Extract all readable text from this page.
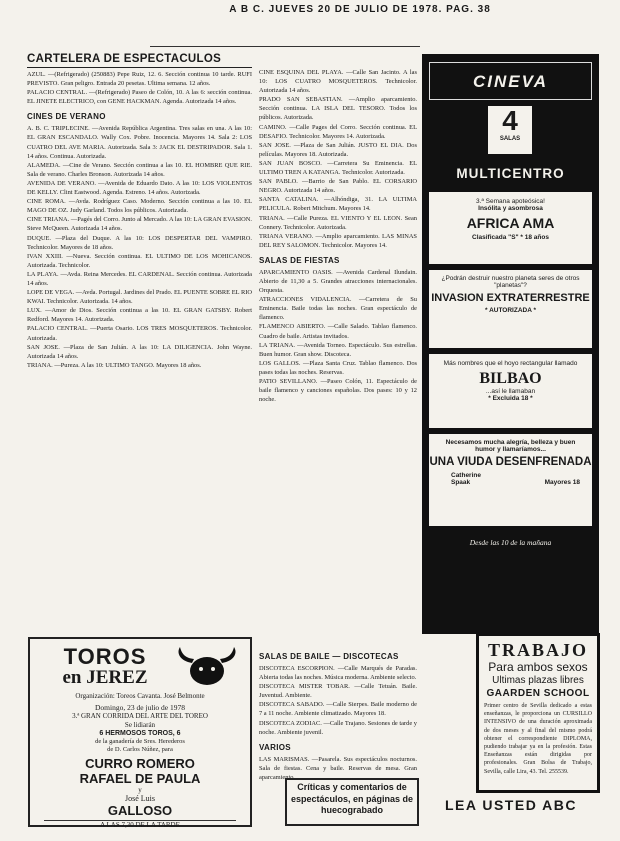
A B C. JUEVES 20 DE JULIO DE 1978. PAG. 38
CARTELERA DE ESPECTACULOS

AZUL. —(Refrigerado) (250883) Pepe Ruiz, 12. 6. Sección continua 10 tarde. RUFI PREVISTO. Gran peligro. Entrada 20 pesetas. Ultima semana. 12 años.

PALACIO CENTRAL. —(Refrigerado) Paseo de Colón, 10. A las 6: sección continua. EL JINETE ELECTRICO, con GENE HACKMAN. Agenda. Autorizada 14 años.

CINES DE VERANO

A. B. C. TRIPLECINE. —Avenida República Argentina. Tres salas en una. A las 10: EL GRAN ESCANDALO. Wally Cox. Pobre. Inocencia. Mayores 14. Sala 2: LOS CUATRO DEL AVE MARIA. Autorizada. Sala 3: JACK EL DESTRIPADOR. Sala 1. 14 años. Continua. Autorizada.

ALAMEDA. —Cine de Verano. Sección continua a las 10. EL HOMBRE QUE RIE. Sala de verano. Charles Bronson. Autorizada 14 años.

AVENIDA DE VERANO. —Avenida de Eduardo Dato. A las 10: LOS VIOLENTOS DE KELLY. Clint Eastwood. Agenda. Estreno. 14 años. Autorizada.

CINE ROMA. —Avda. Rodríguez Caso. Moderno. Sección continua a las 10. EL MAGO DE OZ. Judy Garland. Todos los públicos. Autorizada.

CINE TRIANA. —Pagés del Corro. Junto al Mercado. A las 10: LA GRAN EVASION. Steve McQueen. Autorizada 14 años.

DUQUE. —Plaza del Duque. A las 10: LOS DESPERTAR DEL VAMPIRO. Technicolor. Mayores de 18 años.

IVAN XXIII. —Nueva. Sección continua. EL ULTIMO DE LOS MOHICANOS. Autorizada. Technicolor.

LA PLAYA. —Avda. Reina Mercedes. EL CARDENAL. Sección continua. Autorizada 14 años.

LOPE DE VEGA. —Avda. Portugal. Jardines del Prado. EL PUENTE SOBRE EL RIO KWAI. Technicolor. Autorizada. 14 años.

LUX. —Amor de Dios. Sección continua a las 10. EL GRAN GATSBY. Robert Redford. Mayores 14. Autorizada.

PALACIO CENTRAL. —Puerta Osario. LOS TRES MOSQUETEROS. Technicolor. Autorizada.

SAN JOSE. —Plaza de San Julián. A las 10: LA DILIGENCIA. John Wayne. Autorizada 14 años.

TRIANA. —Pureza. A las 10: ULTIMO TANGO. Mayores 18 años.

CINE ESQUINA DEL PLAYA. —Calle San Jacinto. A las 10: LOS CUATRO MOSQUETEROS. Technicolor. Autorizada 14 años.

PRADO SAN SEBASTIAN. —Amplio aparcamiento. Sección continua. LA ISLA DEL TESORO. Todos los públicos. Autorizada.

CAMINO. —Calle Pages del Corro. Sección continua. EL DESAFIO. Technicolor. Mayores 14. Autorizada.

SAN JOSE. —Plaza de San Julián. JUSTO EL DIA. Dos películas. Mayores 18. Autorizada.

SAN JUAN BOSCO. —Carretera Su Eminencia. EL ULTIMO TREN A KATANGA. Technicolor. Autorizada.

SAN PABLO. —Barrio de San Pablo. EL CORSARIO NEGRO. Autorizada 14 años.

SANTA CATALINA. —Alhóndiga, 31. LA ULTIMA PELICULA. Robert Mitchum. Mayores 14.

TRIANA. —Calle Pureza. EL VIENTO Y EL LEON. Sean Connery. Technicolor. Autorizada.

TRIANA VERANO. —Amplio aparcamiento. LAS MINAS DEL REY SALOMON. Technicolor. Mayores 14.

SALAS DE FIESTAS

APARCAMIENTO OASIS. —Avenida Cardenal Ilundain. Abierto de 11,30 a 5. Grandes atracciones internacionales. Orquesta.

ATRACCIONES VIDALENCIA. —Carretera de Su Eminencia. Baile todas las noches. Gran espectáculo de flamenco.

FLAMENCO ABIERTO. —Calle Salado. Tablao flamenco. Cuadro de baile. Artistas invitados.

LA TRIANA. —Avenida Torneo. Espectáculo. Sus estrellas. Buen humor. Gran show. Discoteca.

LOS GALLOS. —Plaza Santa Cruz. Tablao flamenco. Dos pases todas las noches. Reservas.

PATIO SEVILLANO. —Paseo Colón, 11. Espectáculo de baile flamenco y canciones españolas. Dos pases: 10 y 12 noche.

SALAS DE BAILE — DISCOTECAS

DISCOTECA ESCORPION. —Calle Marqués de Paradas. Abierta todas las noches. Música moderna. Ambiente selecto.

DISCOTECA MISTER TOBAR. —Calle Tetuán. Baile. Juventud. Ambiente.

DISCOTECA SABADO. —Calle Sierpes. Baile moderno de 7 a 11 noche. Ambiente climatizado. Mayores 18.

DISCOTECA ZODIAC. —Calle Trajano. Sesiones de tarde y noche. Ambiente juvenil.

VARIOS

LAS MARISMAS. —Pasarela. Sus espectáculos nocturnos. Sala de fiestas. Cena y baile. Reservas de mesa. Gran aparcamiento.

CINEVA
4
SALAS
MULTICENTRO
3.ª Semana apoteósica!
Insólita y asombrosa
AFRICA AMA
Clasificada "S" * 18 años
¿Podrán destruir nuestro planeta seres de otros "planetas"?
INVASION EXTRATERRESTRE
* AUTORIZADA *
Más nombres que el hoyo rectangular llamado
BILBAO
...así le llamaban
* Excluida 18 *
Necesamos mucha alegría, belleza y buen humor y llamaríamos...
UNA VIUDA DESENFRENADA
Catherine
Spaak	Mayores 18
Desde las 10 de la mañana
TOROS
en JEREZ
Organización: Toreos Cavanta. José Belmonte
Domingo, 23 de julio de 1978
3.ª GRAN CORRIDA DEL ARTE DEL TOREO
Se lidiarán
6 HERMOSOS TOROS, 6
de la ganadería de Sres. Herederos
de D. Carlos Núñez, para
CURRO ROMERO
RAFAEL DE PAULA
y
José Luis
GALLOSO
A LAS 7,30 DE LA TARDE
TRABAJO
Para ambos sexos
Ultimas plazas libres
GAARDEN SCHOOL

Primer centro de Sevilla dedicado a estas enseñanzas, le proporciona un CURSILLO INTENSIVO de una duración aproximada de dos meses y al final del mismo podrá obtener el correspondiente DIPLOMA, pudiendo trabajar ya en la profesión. Estas Enseñanzas están dirigidas por profesionales. Gran Bolsa de Trabajo, Sevilla, calle Lira, 43. Tel. 255539.

Críticas y comentarios de espectáculos, en páginas de huecograbado	LEA USTED ABC
